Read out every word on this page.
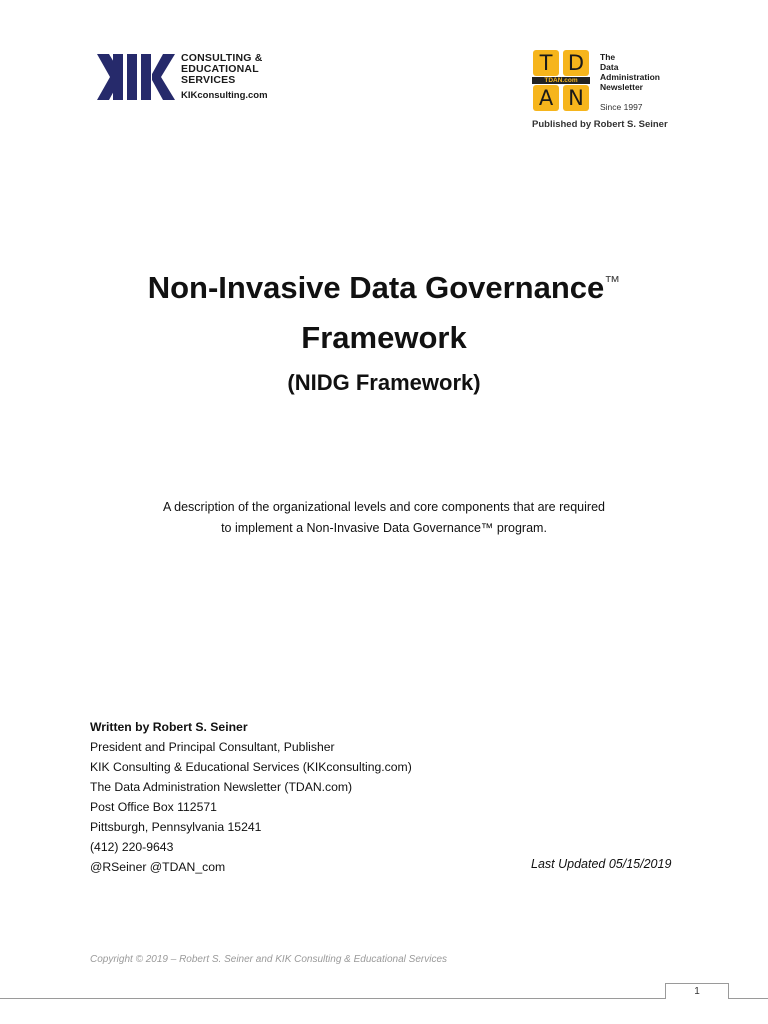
CONSULTING &
EDUCATIONAL
SERVICES
KIKconsulting.com
T D
TDAN.com
A N
The
Data
Administration
Newsletter
Since 1997
Published by Robert S. Seiner
Non-Invasive Data Governance™
Framework
(NIDG Framework)
A description of the organizational levels and core components that are required
to implement a Non-Invasive Data Governance™ program.
Written by Robert S. Seiner
President and Principal Consultant, Publisher
KIK Consulting & Educational Services (KIKconsulting.com)
The Data Administration Newsletter (TDAN.com)
Post Office Box 112571
Pittsburgh, Pennsylvania 15241
(412) 220-9643
@RSeiner @TDAN_com	Last Updated 05/15/2019
Copyright © 2019 – Robert S. Seiner and KIK Consulting & Educational Services
1
